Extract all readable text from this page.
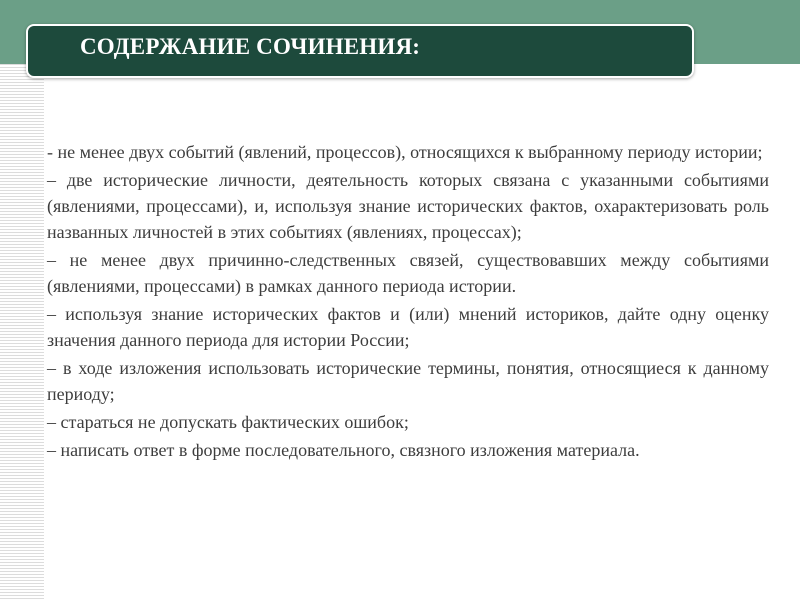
СОДЕРЖАНИЕ СОЧИНЕНИЯ:

- не менее двух событий (явлений, процессов), относящихся к выбранному периоду истории;

– две исторические личности, деятельность которых связана с указанными событиями (явлениями, процессами), и, используя знание исторических фактов, охарактеризовать роль названных личностей в этих событиях (явлениях, процессах);

– не менее двух причинно-следственных связей, существовавших между событиями (явлениями, процессами) в рамках данного периода истории.

– используя знание исторических фактов и (или) мнений историков, дайте одну оценку значения данного периода для истории России;

– в ходе изложения использовать исторические термины, понятия, относящиеся к данному периоду;

– стараться не допускать фактических ошибок;

– написать ответ в форме последовательного, связного изложения материала.
